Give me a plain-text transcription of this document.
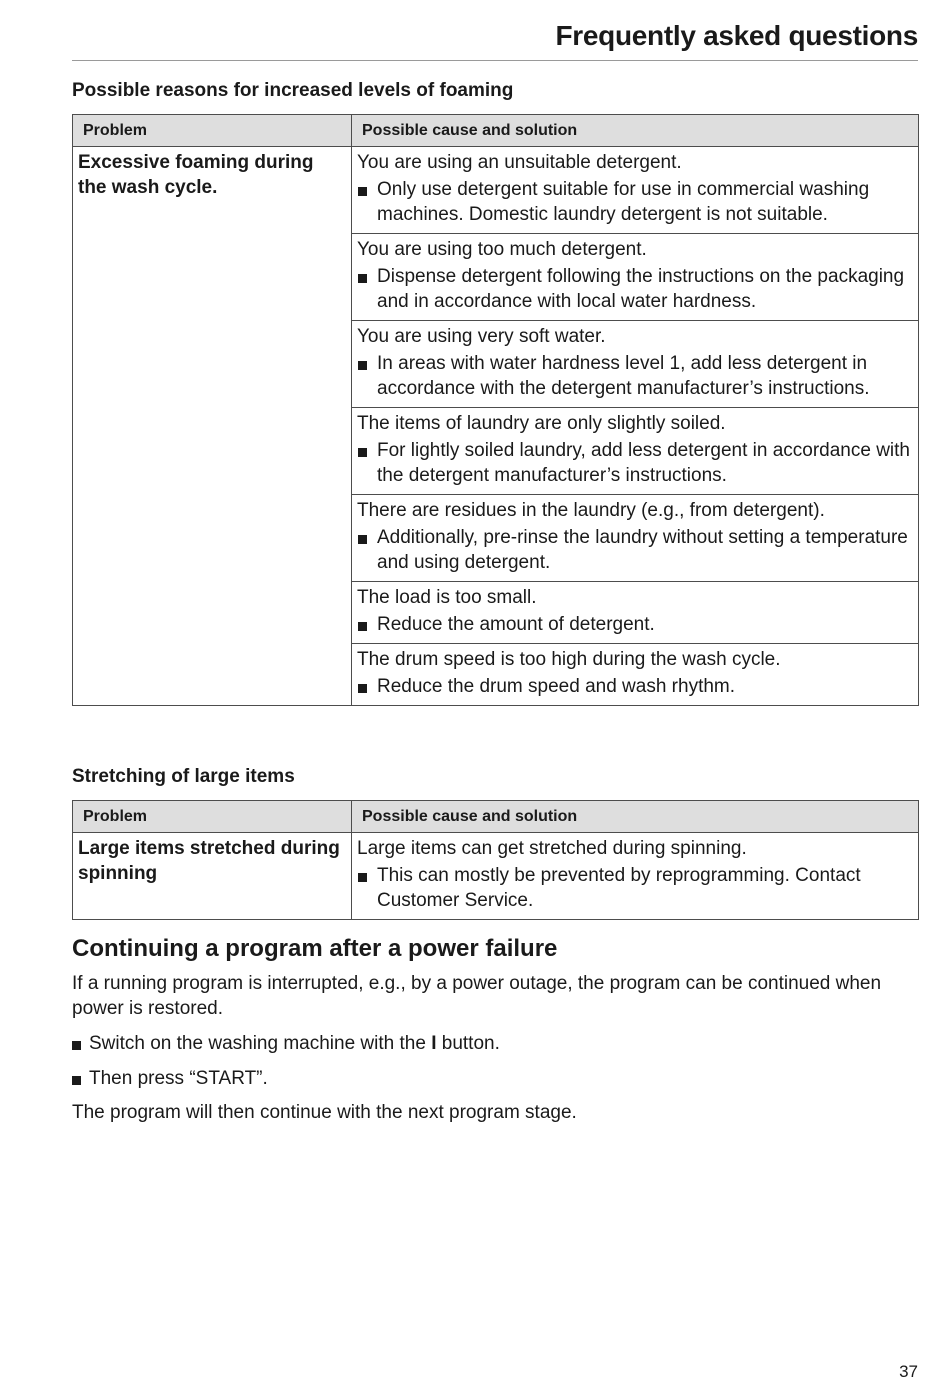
Frequently asked questions
Possible reasons for increased levels of foaming
Problem	Possible cause and solution
Excessive foaming during the wash cycle.	You are using an unsuitable detergent.
Only use detergent suitable for use in commercial washing machines. Domestic laundry detergent is not suitable.

	You are using too much detergent.
Dispense detergent following the instructions on the packaging and in accordance with local water hardness.

	You are using very soft water.
In areas with water hardness level 1, add less detergent in accordance with the detergent manufacturer’s instructions.

	The items of laundry are only slightly soiled.
For lightly soiled laundry, add less detergent in accordance with the detergent manufacturer’s instructions.

	There are residues in the laundry (e.g., from detergent).
Additionally, pre-rinse the laundry without setting a temperature and using detergent.

	The load is too small.
Reduce the amount of detergent.

	The drum speed is too high during the wash cycle.
Reduce the drum speed and wash rhythm.
Stretching of large items
Problem	Possible cause and solution
Large items stretched during spinning	Large items can get stretched during spinning.
This can mostly be prevented by reprogramming. Contact Customer Service.
Continuing a program after a power failure
If a running program is interrupted, e.g., by a power outage, the program can be continued when power is restored.
Switch on the washing machine with the I button.
Then press “START”.
The program will then continue with the next program stage.
37
